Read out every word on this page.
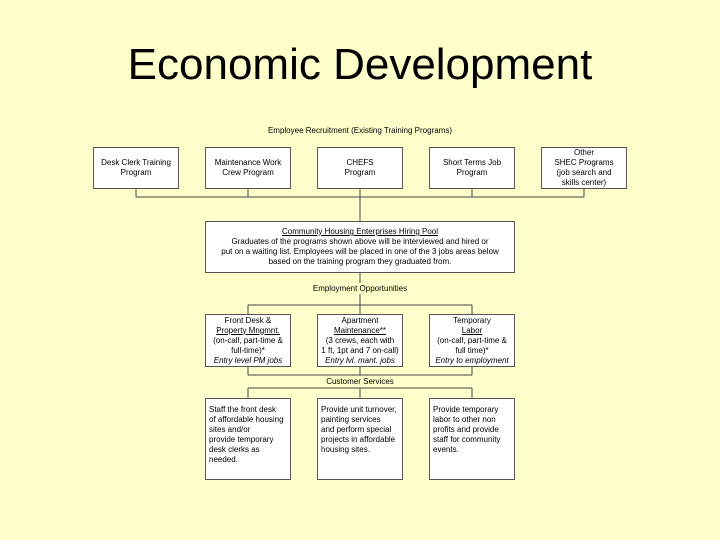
Economic Development
Employee Recruitment (Existing Training Programs)
Desk Clerk Training
Program
Maintenance Work
Crew Program
CHEFS
Program
Short Terms Job
Program
Other
SHEC Programs
(job search and
skills center)
Community Housing Enterprises Hiring Pool
Graduates of the programs shown above will be interviewed and hired or
put on a waiting list. Employees will be placed in one of the 3 jobs areas below
based on the training program they graduated from.
Employment Opportunities
Front Desk &
Property Mngmnt.
(on-call, part-time &
full-time)*
Entry level PM jobs
Apartment
Maintenance**
(3 crews, each with
1 ft, 1pt and 7 on-call)
Entry lvl. mant. jobs
Temporary
Labor
(on-call, part-time &
full time)*
Entry to employment
Customer Services
Staff the front desk
of affordable housing
sites and/or
provide temporary
desk clerks as
needed.
Provide unit turnover,
painting services
and perform special
projects in affordable
housing sites.
Provide temporary
labor to other non
profits and provide
staff for community
events.
